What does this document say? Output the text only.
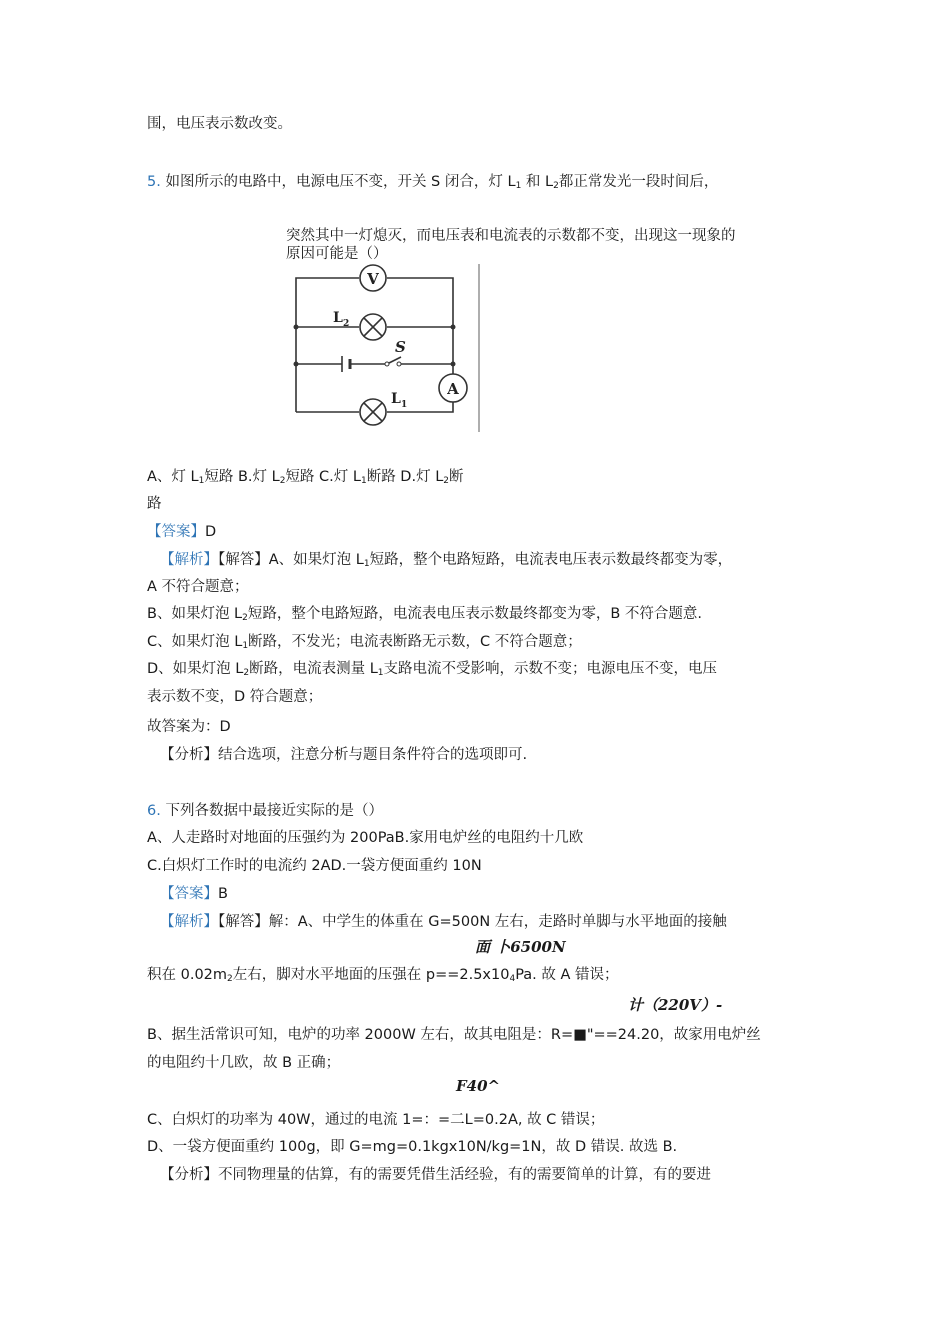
围，电压表示数改变。
5. 如图所示的电路中，电源电压不变，开关 S 闭合，灯 $L_1$ 和 $L_2$都正常发光一段时间后，
突然其中一灯熄灭，而电压表和电流表的示数都不变，出现这一现象的
原因可能是（）
V
A
S
L 2
L 1
A、灯 $L_1$短路 B.灯 $L_2$短路 C.灯 $L_1$断路 D.灯 $L_2$断
路
【答案】D
【解析】【解答】A、如果灯泡 $L_1$短路，整个电路短路，电流表电压表示数最终都变为零，
A 不符合题意；
B、如果灯泡 $L_2$短路，整个电路短路，电流表电压表示数最终都变为零，B 不符合题意.
C、如果灯泡 $L_1$断路，不发光；电流表断路无示数，C 不符合题意；
D、如果灯泡 $L_2$断路，电流表测量 $L_1$支路电流不受影响，示数不变；电源电压不变，电压
表示数不变，D 符合题意；
故答案为：D
【分析】结合选项，注意分析与题目条件符合的选项即可.
6. 下列各数据中最接近实际的是（）
A、人走路时对地面的压强约为 200PaB.家用电炉丝的电阻约十几欧
C.白炽灯工作时的电流约 2AD.一袋方便面重约 10N
【答案】B
【解析】【解答】解：A、中学生的体重在 G=500N 左右，走路时单脚与水平地面的接触
面 卜6500N
积在 $0.02m_2$左右，脚对水平地面的压强在 $p==2.5x10_4Pa$. 故 A 错误；
计（220V）-
B、据生活常识可知，电炉的功率 2000W 左右，故其电阻是：R=■"==24.20，故家用电炉丝
的电阻约十几欧，故 B 正确；
F40^
C、白炽灯的功率为 40W，通过的电流 1=：=二L=0.2A, 故 C 错误；
D、一袋方便面重约 100g，即 G=mg=0.1kgx10N/kg=1N，故 D 错误. 故选 B.
【分析】不同物理量的估算，有的需要凭借生活经验，有的需要简单的计算，有的要进
